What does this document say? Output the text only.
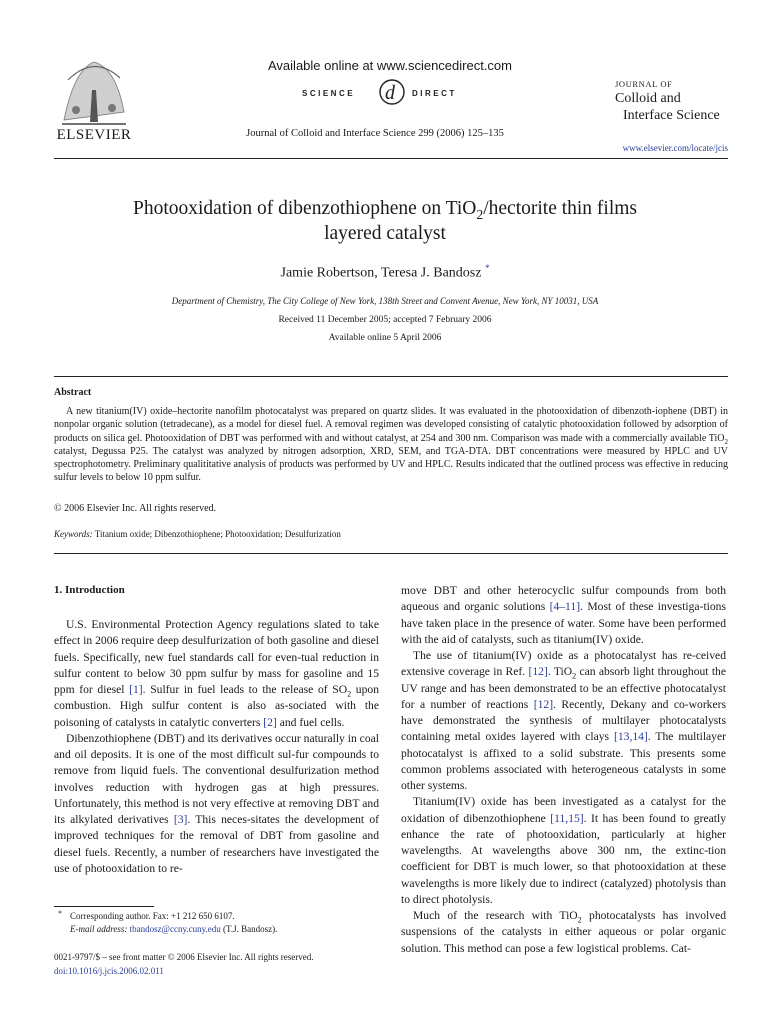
ELSEVIER
Available online at www.sciencedirect.com
SCIENCE d DIRECT
Journal of Colloid and Interface Science 299 (2006) 125–135
JOURNAL OF
Colloid and
Interface Science
www.elsevier.com/locate/jcis
Photooxidation of dibenzothiophene on TiO$_2$/hectorite thin films
layered catalyst
Jamie Robertson, Teresa J. Bandosz *
Department of Chemistry, The City College of New York, 138th Street and Convent Avenue, New York, NY 10031, USA
Received 11 December 2005; accepted 7 February 2006
Available online 5 April 2006
Abstract

A new titanium(IV) oxide–hectorite nanofilm photocatalyst was prepared on quartz slides. It was evaluated in the photooxidation of dibenzoth-iophene (DBT) in nonpolar organic solution (tetradecane), as a model for diesel fuel. A removal regimen was developed consisting of catalytic photooxidation followed by adsorption of products on silica gel. Photooxidation of DBT was performed with and without catalyst, at 254 and 300 nm. Comparison was made with a commercially available TiO$_2$ catalyst, Degussa P25. The catalyst was analyzed by nitrogen adsorption, XRD, SEM, and TGA-DTA. DBT concentrations were measured by HPLC and UV spectrophotometry. Preliminary qualititative analysis of products was performed by UV and HPLC. Results indicated that the outlined process was effective in reducing sulfur levels to below 10 ppm sulfur.

© 2006 Elsevier Inc. All rights reserved.
Keywords: Titanium oxide; Dibenzothiophene; Photooxidation; Desulfurization
1. Introduction

U.S. Environmental Protection Agency regulations slated to take effect in 2006 require deep desulfurization of both gasoline and diesel fuels. Specifically, new fuel standards call for even-tual reduction in sulfur content to below 30 ppm sulfur by mass for gasoline and 15 ppm for diesel [1]. Sulfur in fuel leads to the release of $SO_2$ upon combustion. High sulfur content is also as-sociated with the poisoning of catalysts in catalytic converters [2] and fuel cells.

Dibenzothiophene (DBT) and its derivatives occur naturally in coal and oil deposits. It is one of the most difficult sul-fur compounds to remove from liquid fuels. The conventional desulfurization method involves reduction with hydrogen gas at high pressures. Unfortunately, this method is not very effective at removing DBT and its alkylated derivatives [3]. This neces-sitates the development of improved techniques for the removal of DBT from gasoline and diesel fuels. Recently, a number of researchers have investigated the use of photooxidation to re-

move DBT and other heterocyclic sulfur compounds from both aqueous and organic solutions [4–11]. Most of these investiga-tions have taken place in the presence of water. Some have been performed with the aid of catalysts, such as titanium(IV) oxide.

The use of titanium(IV) oxide as a photocatalyst has re-ceived extensive coverage in Ref. [12]. TiO$_2$ can absorb light throughout the UV range and has been demonstrated to be an effective photocatalyst for a number of reactions [12]. Recently, Dekany and co-workers have demonstrated the synthesis of multilayer photocatalysts containing metal oxides layered with clays [13,14]. The multilayer photocatalyst is affixed to a solid substrate. This presents some common problems associated with heterogeneous catalysts in some other systems.

Titanium(IV) oxide has been investigated as a catalyst for the oxidation of dibenzothiophene [11,15]. It has been found to greatly enhance the rate of photooxidation, particularly at higher wavelengths. At wavelengths above 300 nm, the extinc-tion coefficient for DBT is much lower, so that photooxidation at these wavelengths is more likely due to indirect (catalyzed) photolysis than to direct photolysis.

Much of the research with TiO$_2$ photocatalysts has involved suspensions of the catalysts in either aqueous or polar organic solution. This method can pose a few logistical problems. Cat-

* Corresponding author. Fax: +1 212 650 6107.
E-mail address: tbandosz@ccny.cuny.edu (T.J. Bandosz).
0021-9797/$ – see front matter © 2006 Elsevier Inc. All rights reserved.
doi:10.1016/j.jcis.2006.02.011
